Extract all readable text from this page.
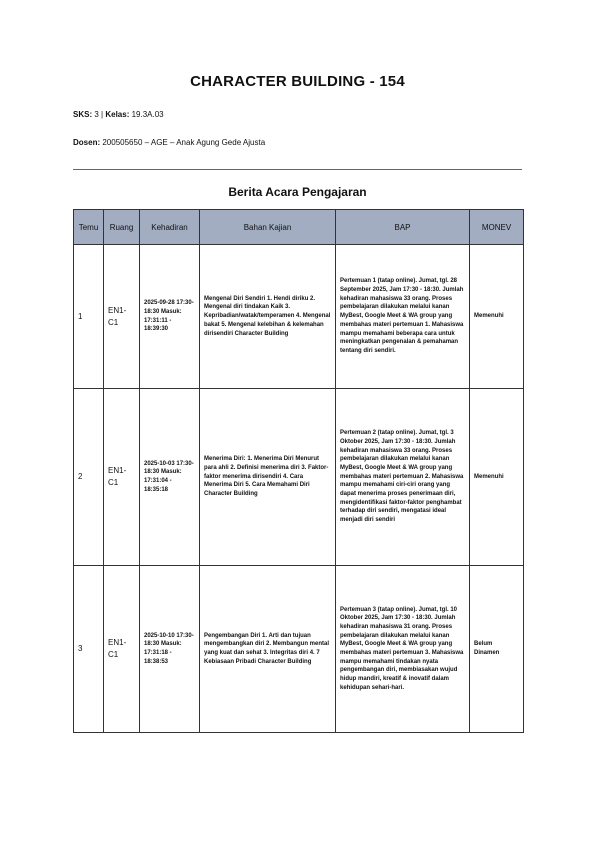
CHARACTER BUILDING - 154
SKS: 3 | Kelas: 19.3A.03
Dosen: 200505650 – AGE – Anak Agung Gede Ajusta
Berita Acara Pengajaran
Temu	Ruang	Kehadiran	Bahan Kajian	BAP	MONEV
1	EN1-C1	2025-09-28 17:30-18:30 Masuk: 17:31:11 - 18:39:30	Mengenal Diri Sendiri 1. Hendi diriku 2. Mengenal diri tindakan Kaik 3. Kepribadian/watak/temperamen 4. Mengenal bakat 5. Mengenal kelebihan & kelemahan dirisendiri Character Building	Pertemuan 1 (tatap online). Jumat, tgl. 28 September 2025, Jam 17:30 - 18:30. Jumlah kehadiran mahasiswa 33 orang. Proses pembelajaran dilakukan melalui kanan MyBest, Google Meet & WA group yang membahas materi pertemuan 1. Mahasiswa mampu memahami beberapa cara untuk meningkatkan pengenalan & pemahaman tentang diri sendiri.	Memenuhi
2	EN1-C1	2025-10-03 17:30-18:30 Masuk: 17:31:04 - 18:35:18	Menerima Diri: 1. Menerima Diri Menurut para ahli 2. Definisi menerima diri 3. Faktor-faktor menerima dirisendiri 4. Cara Menerima Diri 5. Cara Memahami Diri Character Building	Pertemuan 2 (tatap online). Jumat, tgl. 3 Oktober 2025, Jam 17:30 - 18:30. Jumlah kehadiran mahasiswa 33 orang. Proses pembelajaran dilakukan melalui kanan MyBest, Google Meet & WA group yang membahas materi pertemuan 2. Mahasiswa mampu memahami ciri-ciri orang yang dapat menerima proses penerimaan diri, mengidentifikasi faktor-faktor penghambat terhadap diri sendiri, mengatasi ideal menjadi diri sendiri	Memenuhi
3	EN1-C1	2025-10-10 17:30-18:30 Masuk: 17:31:18 - 18:38:53	Pengembangan Diri 1. Arti dan tujuan mengembangkan diri 2. Membangun mental yang kuat dan sehat 3. Integritas diri 4. 7 Kebiasaan Pribadi Character Building	Pertemuan 3 (tatap online). Jumat, tgl. 10 Oktober 2025, Jam 17:30 - 18:30. Jumlah kehadiran mahasiswa 31 orang. Proses pembelajaran dilakukan melalui kanan MyBest, Google Meet & WA group yang membahas materi pertemuan 3. Mahasiswa mampu memahami tindakan nyata pengembangan diri, membiasakan wujud hidup mandiri, kreatif & inovatif dalam kehidupan sehari-hari.	Belum Dinamen
